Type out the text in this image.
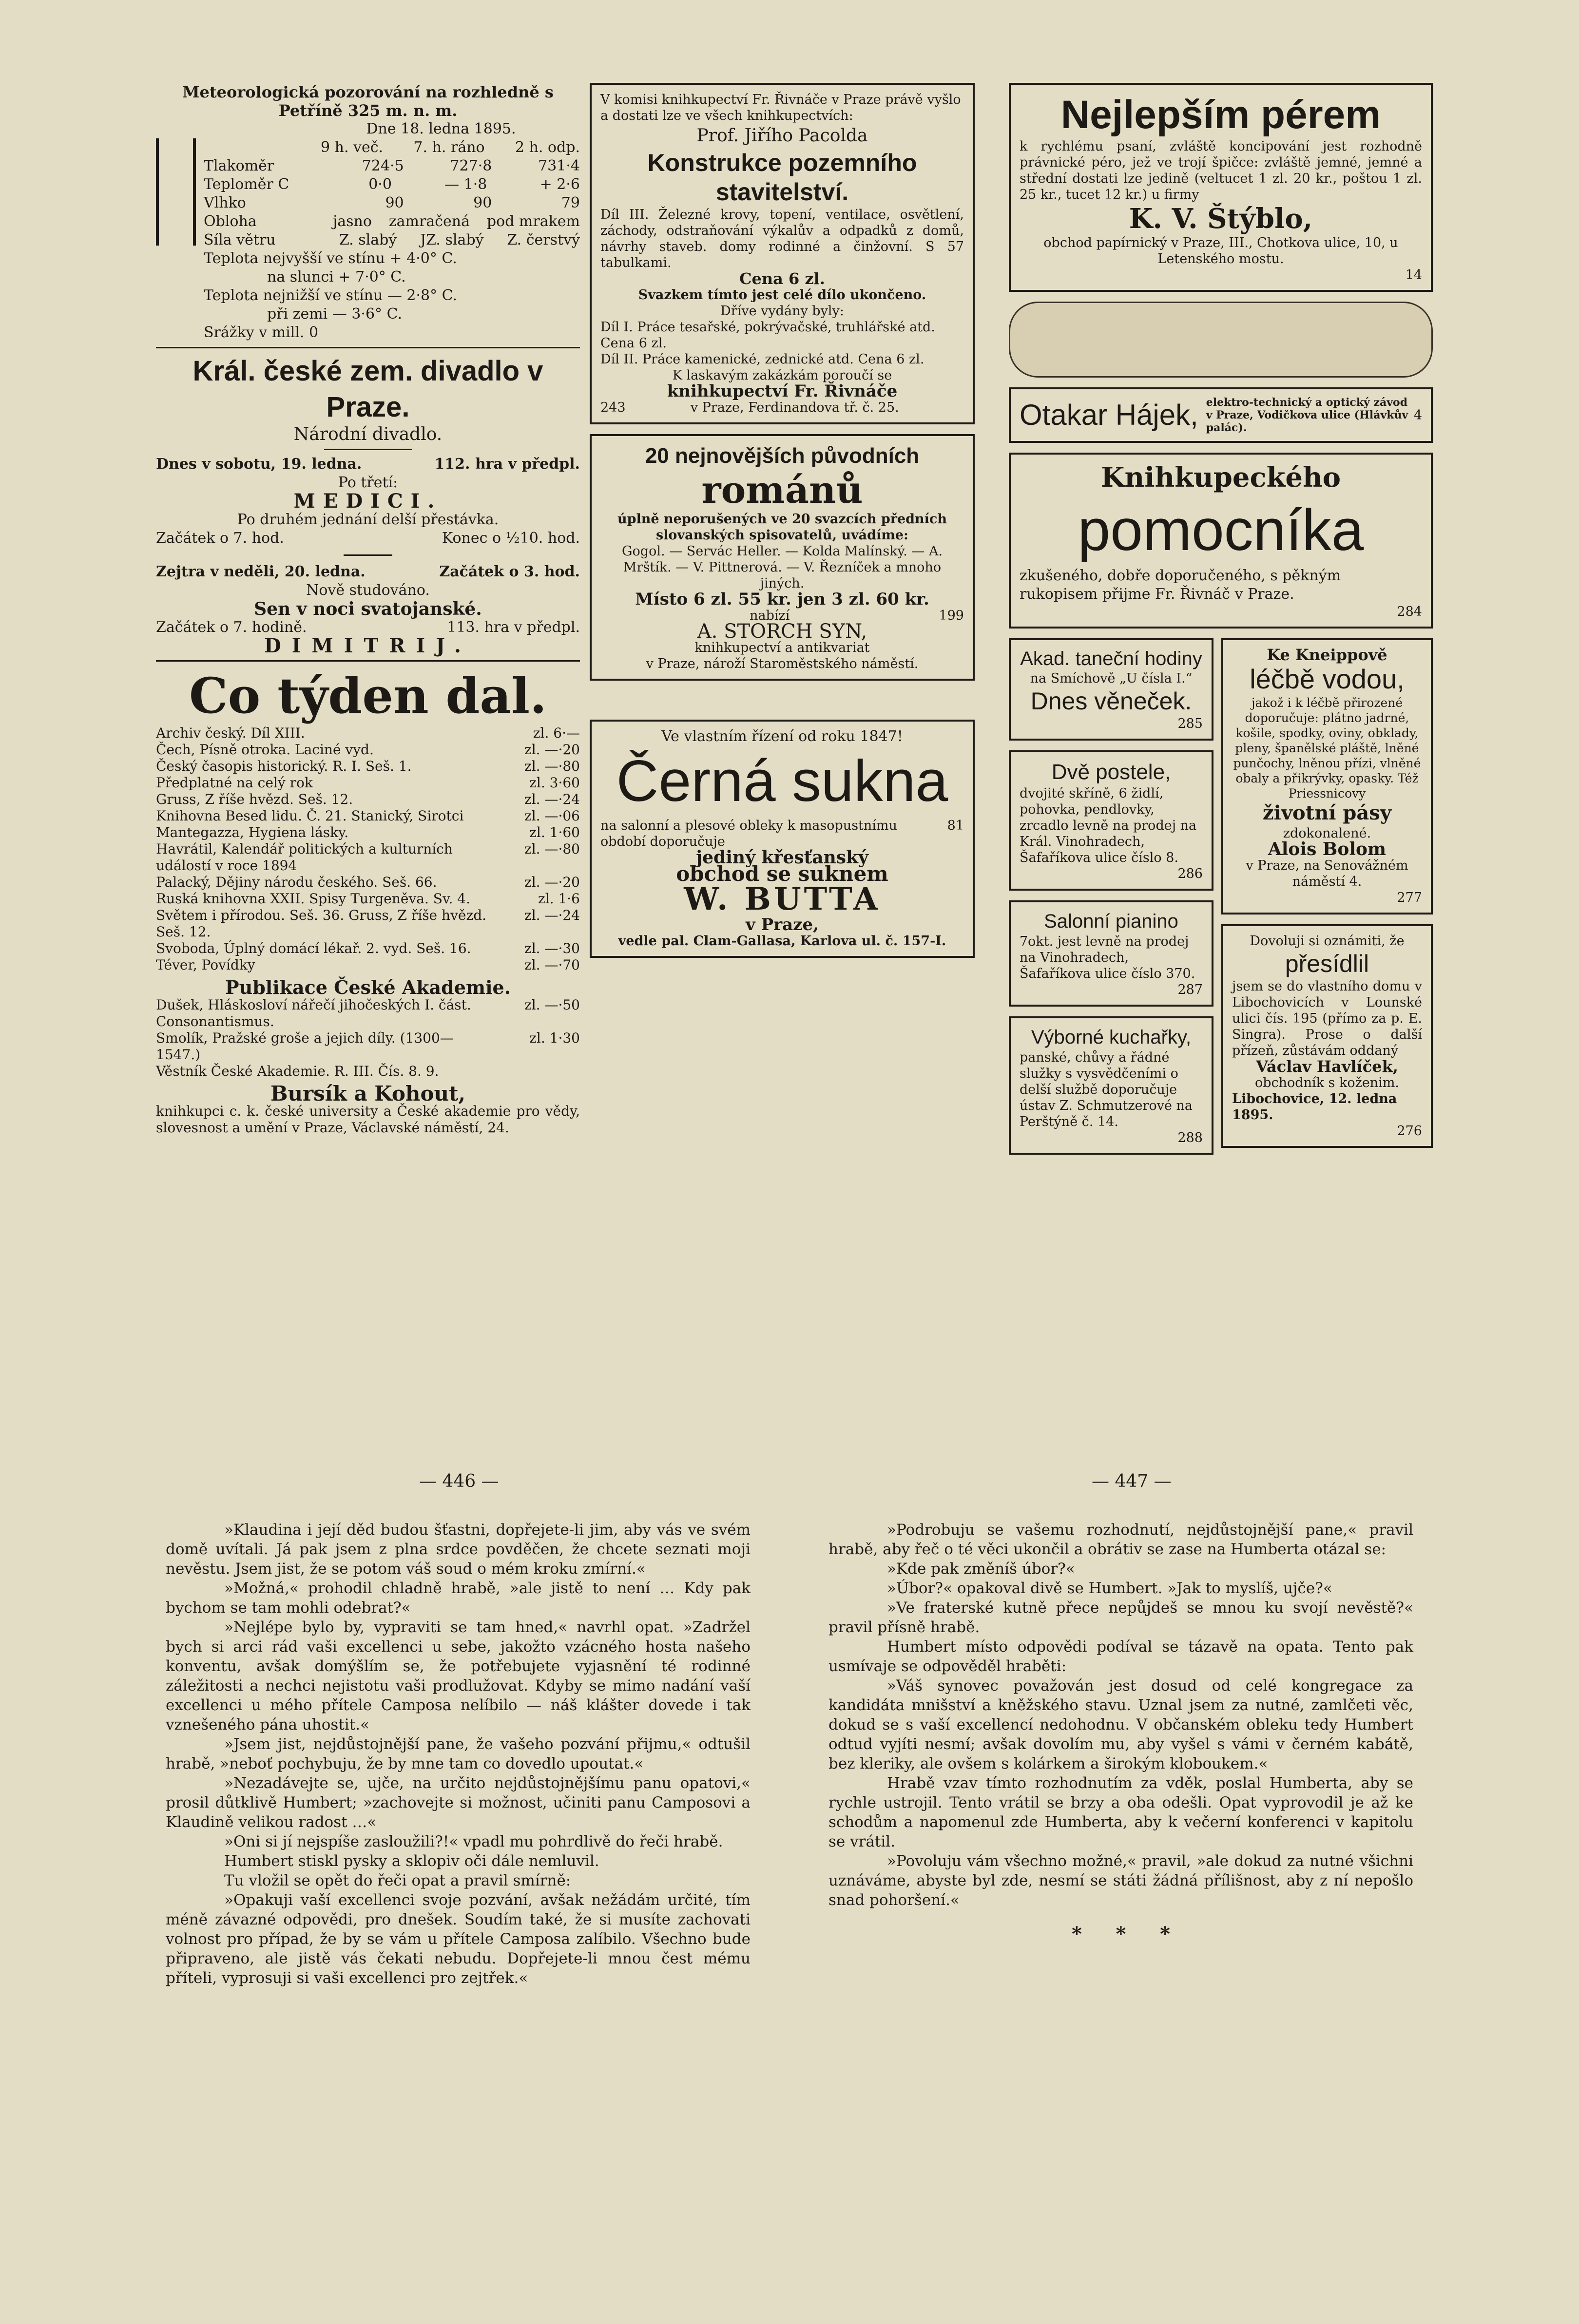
Meteorologická pozorování na rozhledně s Petříně 325 m. n. m.
Dne 18. ledna 1895.
9 h. več. 7. h. ráno 2 h. odp.
Tlakoměr	724·5	727·8	731·4
Teploměr C	0·0	— 1·8	+ 2·6
Vlhko	90	90	79
Obloha	jasno zamračená pod mrakem
Síla větru	Z. slabý JZ. slabý Z. čerstvý
Teplota nejvyšší ve stínu + 4·0° C.
na slunci + 7·0° C.
Teplota nejnižší ve stínu — 2·8° C.
při zemi — 3·6° C.
Srážky v mill. 0
Král. české zem. divadlo v Praze.
Národní divadlo.
Dnes v sobotu, 19. ledna.	112. hra v předpl.
Po třetí:
MEDICI.
Po druhém jednání delší přestávka.
Začátek o 7. hod.	Konec o ½10. hod.
Zejtra v neděli, 20. ledna.	Začátek o 3. hod.
Nově studováno.
Sen v noci svatojanské.
Začátek o 7. hodině.	113. hra v předpl.
DIMITRIJ.
Co týden dal.
Archiv český. Díl XIII.	zl. 6·—
Čech, Písně otroka. Laciné vyd.	zl. —·20
Český časopis historický. R. I. Seš. 1.	zl. —·80
Předplatné na celý rok	zl. 3·60
Gruss, Z říše hvězd. Seš. 12.	zl. —·24
Knihovna Besed lidu. Č. 21. Stanický, Sirotci	zl. —·06
Mantegazza, Hygiena lásky.	zl. 1·60
Havrátil, Kalendář politických a kulturních událostí v roce 1894
zl. —·80
Palacký, Dějiny národu českého. Seš. 66.	zl. —·20
Ruská knihovna XXII. Spisy Turgeněva. Sv. 4.	zl. 1·6
Světem i přírodou. Seš. 36. Gruss, Z říše hvězd. Seš. 12.
zl. —·24
Svoboda, Úplný domácí lékař. 2. vyd. Seš. 16.	zl. —·30
Téver, Povídky	zl. —·70
Publikace České Akademie.
Dušek, Hláskosloví nářečí jihočeských I. část. Consonantismus.
zl. —·50
Smolík, Pražské groše a jejich díly. (1300—1547.)
zl. 1·30
Věstník České Akademie. R. III. Čís. 8. 9.
Bursík a Kohout,
knihkupci c. k. české university a České akademie pro vědy, slovesnost a umění v Praze, Václavské náměstí, 24.
V komisi knihkupectví Fr. Řivnáče v Praze právě vyšlo a dostati lze ve všech knihkupectvích:
Prof. Jiřího Pacolda
Konstrukce pozemního stavitelství.
Díl III. Železné krovy, topení, ventilace, osvětlení, záchody, odstraňování výkalův a odpadků z domů, návrhy staveb. domy rodinné a činžovní. S 57 tabulkami.
Cena 6 zl.
Svazkem tímto jest celé dílo ukončeno.
Dříve vydány byly:
Díl I. Práce tesařské, pokrývačské, truhlářské atd. Cena 6 zl.
Díl II. Práce kamenické, zednické atd. Cena 6 zl.
K laskavým zakázkám poroučí se
knihkupectví Fr. Řivnáče
243	v Praze, Ferdinandova tř. č. 25.
20 nejnovějších původních
románů
úplně neporušených ve 20 svazcích předních slovanských spisovatelů, uvádíme:
Gogol. — Servác Heller. — Kolda Malínský. — A. Mrštík. — V. Pittnerová. — V. Řezníček a mnoho jiných.
Místo 6 zl. 55 kr. jen 3 zl. 60 kr.
nabízí	199
A. STORCH SYN,
knihkupectví a antikvariat
v Praze, nároží Staroměstského náměstí.
Ve vlastním řízení od roku 1847!
Černá sukna
na salonní a plesové obleky k masopustnímu období doporučuje
81
jediný křesťanský
obchod se suknem
W. BUTTA
v Praze,
vedle pal. Clam-Gallasa, Karlova ul. č. 157-I.
Nejlepším pérem
k rychlému psaní, zvláště koncipování jest rozhodně právnické péro, jež ve trojí špičce: zvláště jemné, jemné a střední dostati lze jedině (veltucet 1 zl. 20 kr., poštou 1 zl. 25 kr., tucet 12 kr.) u firmy
K. V. Štýblo,
obchod papírnický v Praze, III., Chotkova ulice, 10, u Letenského mostu.
14
Otakar Hájek, elektro-technický a optický závod v Praze, Vodičkova ulice (Hlávkův palác).
4
Knihkupeckého
pomocníka
zkušeného, dobře doporučeného, s pěkným rukopisem přijme Fr. Řivnáč v Praze.
284
Akad. taneční hodiny
na Smíchově „U čísla I.“
Dnes věneček.
285
Dvě postele,
dvojité skříně, 6 židlí, pohovka, pendlovky, zrcadlo levně na prodej na Král. Vinohradech, Šafaříkova ulice číslo 8.
286
Salonní pianino
7okt. jest levně na prodej na Vinohradech, Šafaříkova ulice číslo 370.
287
Výborné kuchařky,
panské, chůvy a řádné služky s vysvědčeními o delší službě doporučuje ústav Z. Schmutzerové na Perštýně č. 14.
288
Ke Kneippově
léčbě vodou,
jakož i k léčbě přirozené doporučuje: plátno jadrné, košile, spodky, oviny, obklady, pleny, španělské pláště, lněné punčochy, lněnou přízi, vlněné obaly a přikrývky, opasky. Též Priessnicovy
životní pásy
zdokonalené.
Alois Bolom
v Praze, na Senovážném náměstí 4.
277
Dovoluji si oznámiti, že
přesídlil
jsem se do vlastního domu v Libochovicích v Lounské ulici čís. 195 (přímo za p. E. Singra). Prose o další přízeň, zůstávám oddaný
Václav Havlíček,
obchodník s koženim.
Libochovice, 12. ledna 1895.
276
— 446 —	— 447 —

»Klaudina i její děd budou šťastni, dopřejete-li jim, aby vás ve svém domě uvítali. Já pak jsem z plna srdce povděčen, že chcete seznati moji nevěstu. Jsem jist, že se potom váš soud o mém kroku zmírní.«

»Možná,« prohodil chladně hrabě, »ale jistě to není … Kdy pak bychom se tam mohli odebrat?«

»Nejlépe bylo by, vypraviti se tam hned,« navrhl opat. »Zadržel bych si arci rád vaši excellenci u sebe, jakožto vzácného hosta našeho konventu, avšak domýšlím se, že potřebujete vyjasnění té rodinné záležitosti a nechci nejistotu vaši prodlužovat. Kdyby se mimo nadání vaší excellenci u mého přítele Camposa nelíbilo — náš klášter dovede i tak vznešeného pána uhostit.«

»Jsem jist, nejdůstojnější pane, že vašeho pozvání přijmu,« odtušil hrabě, »neboť pochybuju, že by mne tam co dovedlo upoutat.«

»Nezadávejte se, ujče, na určito nejdůstojnějšímu panu opatovi,« prosil důtklivě Humbert; »zachovejte si možnost, učiniti panu Camposovi a Klaudině velikou radost …«

»Oni si jí nejspíše zasloužili?!« vpadl mu pohrdlivě do řeči hrabě.

Humbert stiskl pysky a sklopiv oči dále nemluvil.

Tu vložil se opět do řeči opat a pravil smírně:

»Opakuji vaší excellenci svoje pozvání, avšak nežádám určité, tím méně závazné odpovědi, pro dnešek. Soudím také, že si musíte zachovati volnost pro případ, že by se vám u přítele Camposa zalíbilo. Všechno bude připraveno, ale jistě vás čekati nebudu. Dopřejete-li mnou čest mému příteli, vyprosuji si vaši excellenci pro zejtřek.«

»Podrobuju se vašemu rozhodnutí, nejdůstojnější pane,« pravil hrabě, aby řeč o té věci ukončil a obrátiv se zase na Humberta otázal se:

»Kde pak změníš úbor?«

»Úbor?« opakoval divě se Humbert. »Jak to myslíš, ujče?«

»Ve fraterské kutně přece nepůjdeš se mnou ku svojí nevěstě?« pravil přísně hrabě.

Humbert místo odpovědi podíval se tázavě na opata. Tento pak usmívaje se odpověděl hraběti:

»Váš synovec považován jest dosud od celé kongregace za kandidáta mnišství a kněžského stavu. Uznal jsem za nutné, zamlčeti věc, dokud se s vaší excellencí nedohodnu. V občanském obleku tedy Humbert odtud vyjíti nesmí; avšak dovolím mu, aby vyšel s vámi v černém kabátě, bez kleriky, ale ovšem s kolárkem a širokým kloboukem.«

Hrabě vzav tímto rozhodnutím za vděk, poslal Humberta, aby se rychle ustrojil. Tento vrátil se brzy a oba odešli. Opat vyprovodil je až ke schodům a napomenul zde Humberta, aby k večerní konferenci v kapitolu se vrátil.

»Povoluju vám všechno možné,« pravil, »ale dokud za nutné všichni uznáváme, abyste byl zde, nesmí se státi žádná přílišnost, aby z ní nepošlo snad pohoršení.«

*     *     *
